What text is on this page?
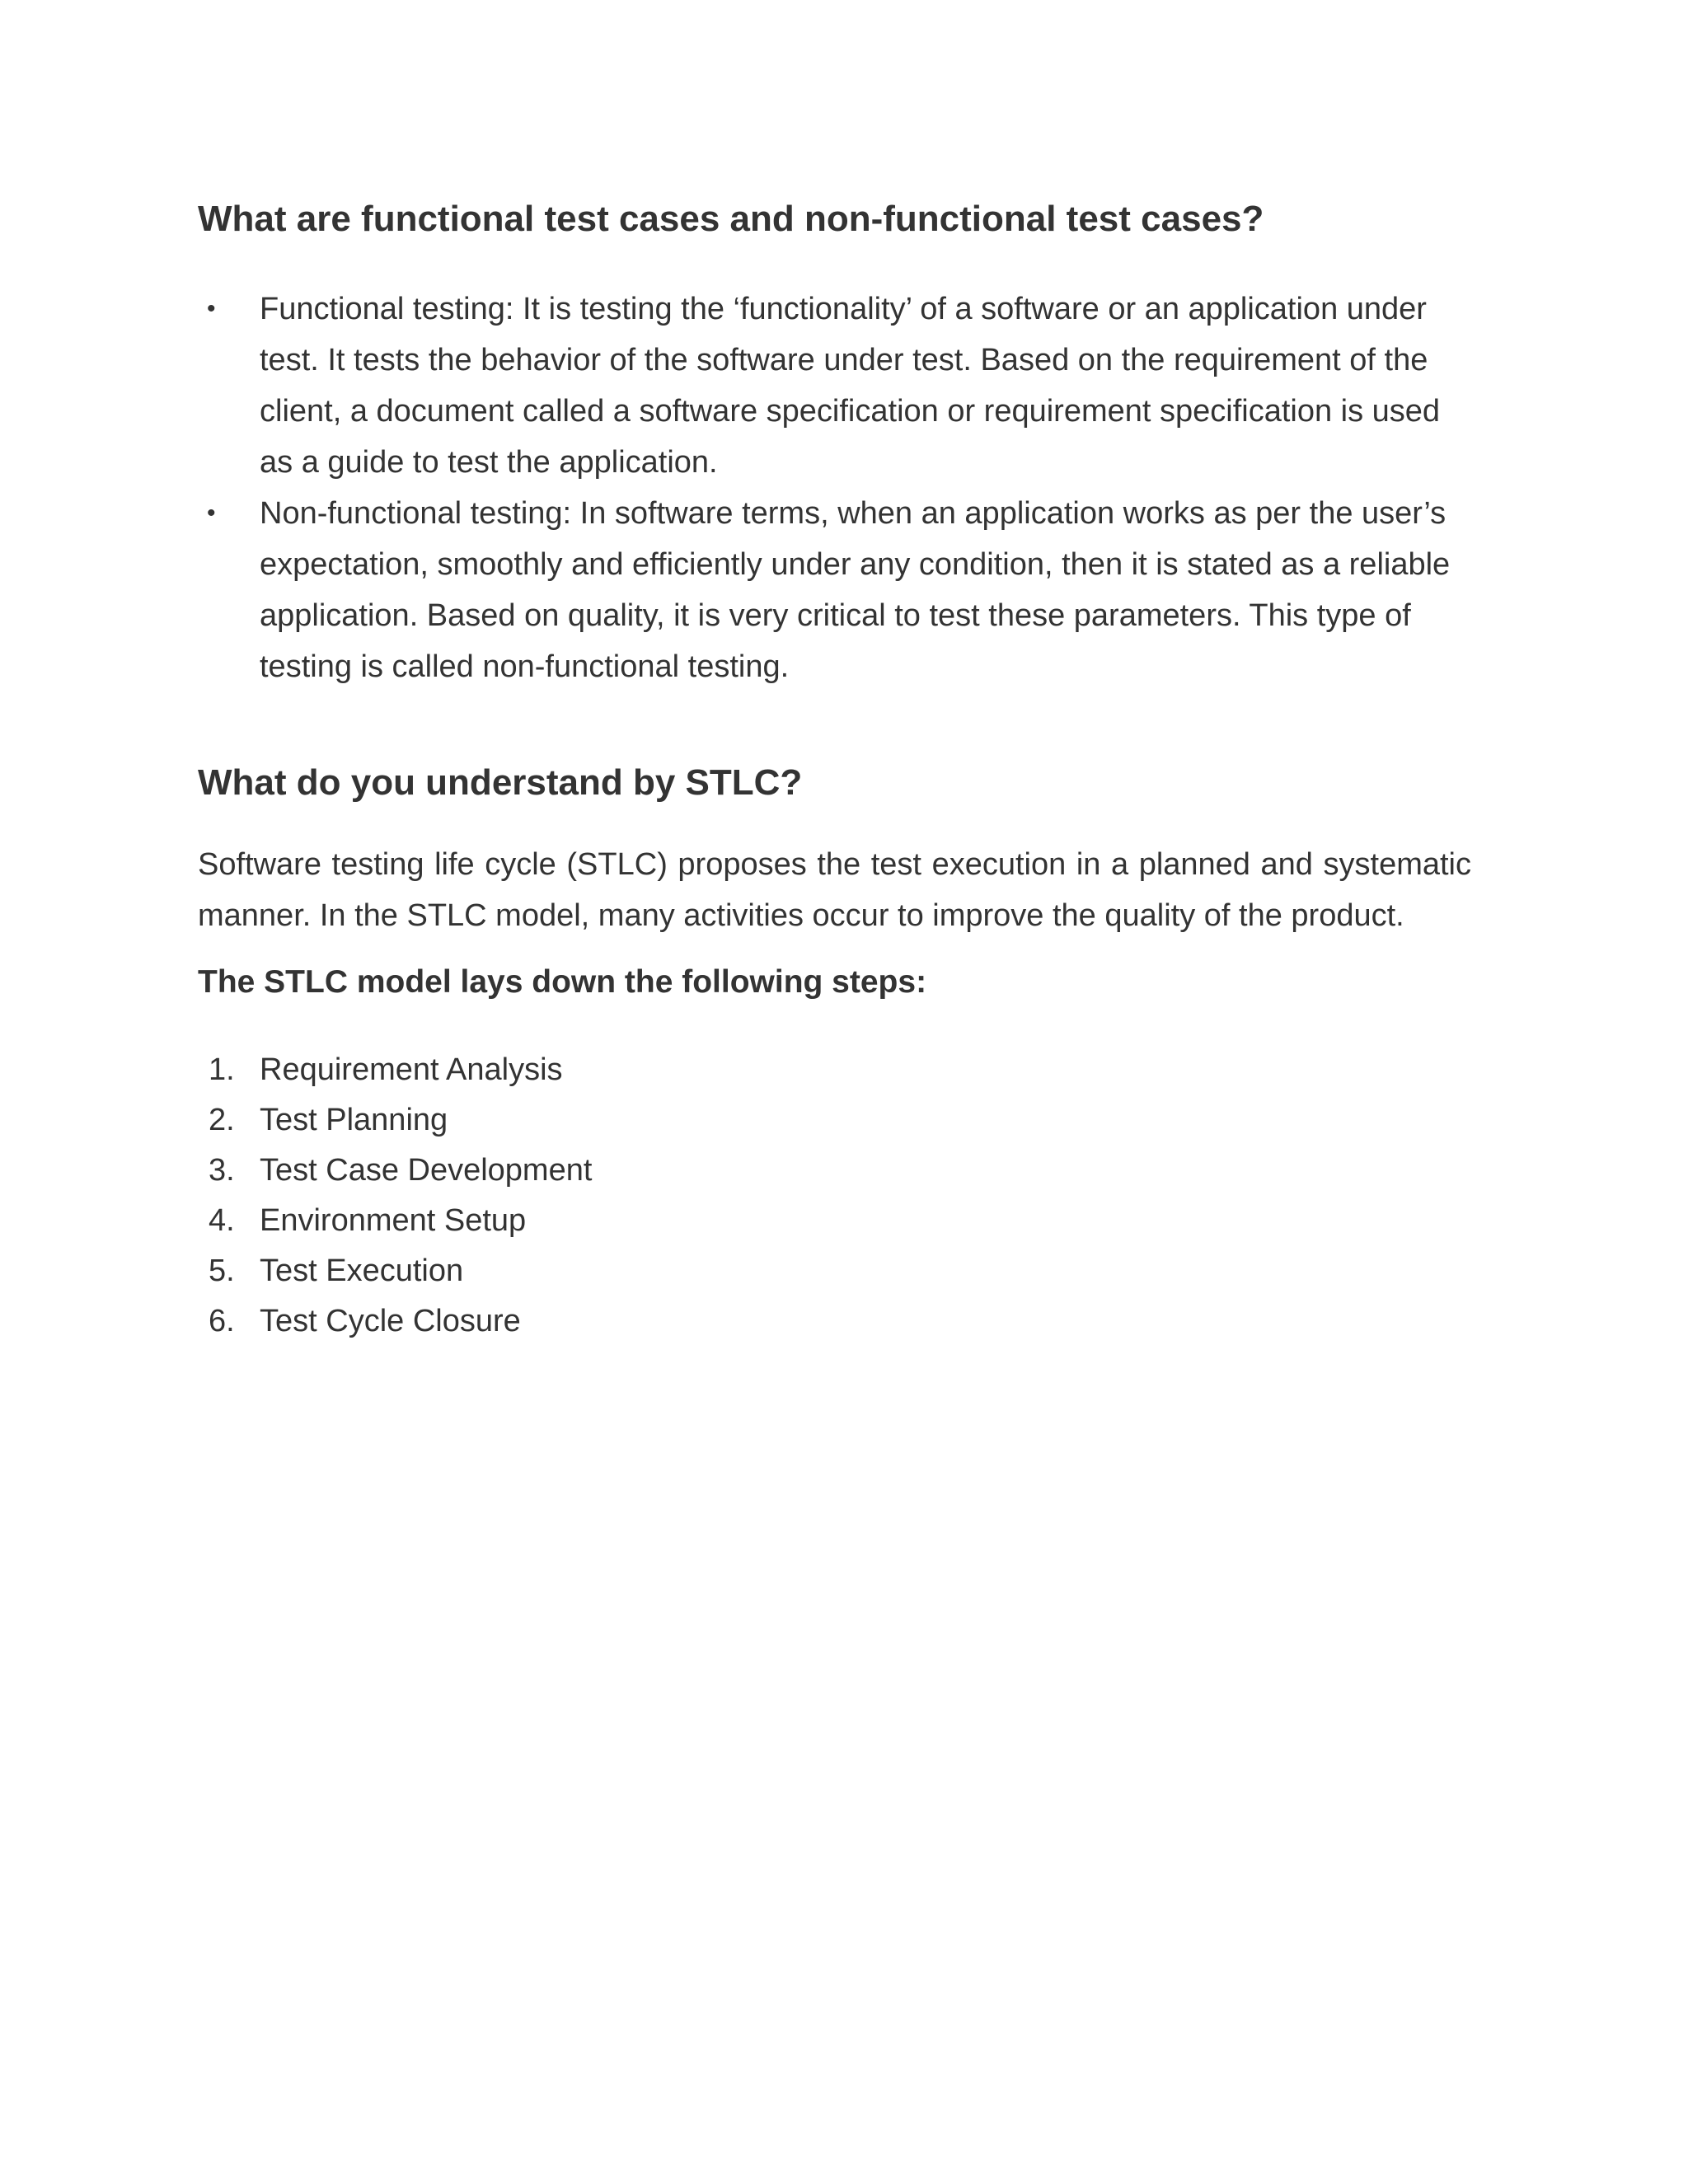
What are functional test cases and non-functional test cases?
• Functional testing: It is testing the ‘functionality’ of a software or an application under test. It tests the behavior of the software under test. Based on the requirement of the client, a document called a software specification or requirement specification is used as a guide to test the application.
• Non-functional testing: In software terms, when an application works as per the user’s expectation, smoothly and efficiently under any condition, then it is stated as a reliable application. Based on quality, it is very critical to test these parameters. This type of testing is called non-functional testing.
What do you understand by STLC?

Software testing life cycle (STLC) proposes the test execution in a planned and systematic manner. In the STLC model, many activities occur to improve the quality of the product.

The STLC model lays down the following steps:

1. Requirement Analysis
2. Test Planning
3. Test Case Development
4. Environment Setup
5. Test Execution
6. Test Cycle Closure
